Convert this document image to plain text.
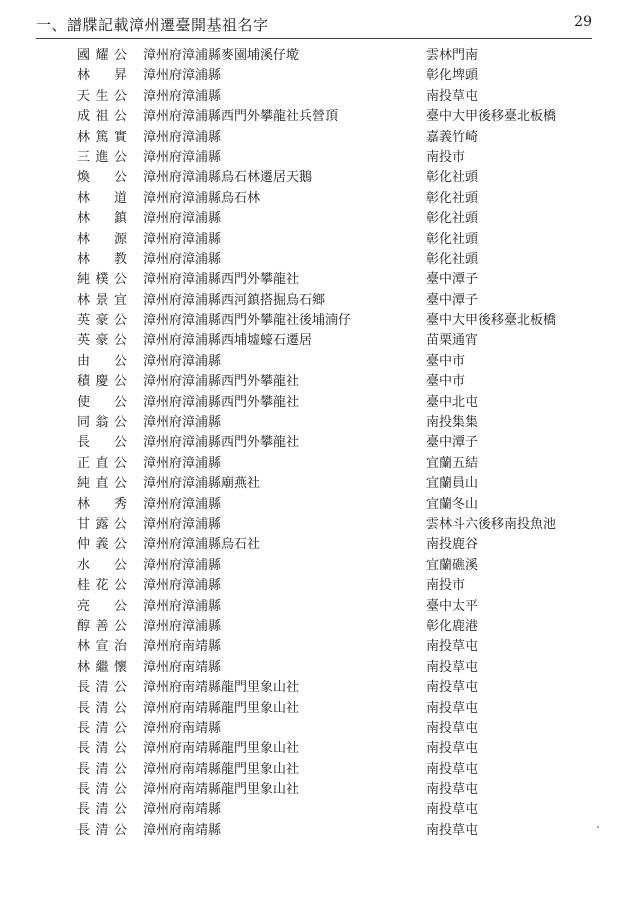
一、譜牒記載漳州遷臺開基祖名字	29
國耀公 漳州府漳浦縣麥園埔溪仔墘	雲林門南
林 昇 漳州府漳浦縣	彰化埤頭
天生公 漳州府漳浦縣	南投草屯
成祖公 漳州府漳浦縣西門外攀龍社兵營頂	臺中大甲後移臺北板橋
林篤實 漳州府漳浦縣	嘉義竹崎
三進公 漳州府漳浦縣	南投市
煥 公 漳州府漳浦縣烏石林遷居天鵝	彰化社頭
林 道 漳州府漳浦縣烏石林	彰化社頭
林 鎮 漳州府漳浦縣	彰化社頭
林 源 漳州府漳浦縣	彰化社頭
林 教 漳州府漳浦縣	彰化社頭
純樸公 漳州府漳浦縣西門外攀龍社	臺中潭子
林景宜 漳州府漳浦縣西河鎮搭掘烏石鄉	臺中潭子
英豪公 漳州府漳浦縣西門外攀龍社後埔湳仔	臺中大甲後移臺北板橋
英豪公 漳州府漳浦縣西埔墟蠔石遷居	苗栗通宵
由 公 漳州府漳浦縣	臺中市
積慶公 漳州府漳浦縣西門外攀龍社	臺中市
使 公 漳州府漳浦縣西門外攀龍社	臺中北屯
同翁公 漳州府漳浦縣	南投集集
長 公 漳州府漳浦縣西門外攀龍社	臺中潭子
正直公 漳州府漳浦縣	宜蘭五結
純直公 漳州府漳浦縣廟燕社	宜蘭員山
林 秀 漳州府漳浦縣	宜蘭冬山
甘露公 漳州府漳浦縣	雲林斗六後移南投魚池
仲義公 漳州府漳浦縣烏石社	南投鹿谷
水 公 漳州府漳浦縣	宜蘭礁溪
桂花公 漳州府漳浦縣	南投市
亮 公 漳州府漳浦縣	臺中太平
醇善公 漳州府漳浦縣	彰化鹿港
林宣治 漳州府南靖縣	南投草屯
林繼懷 漳州府南靖縣	南投草屯
長清公 漳州府南靖縣龍門里象山社	南投草屯
長清公 漳州府南靖縣龍門里象山社	南投草屯
長清公 漳州府南靖縣	南投草屯
長清公 漳州府南靖縣龍門里象山社	南投草屯
長清公 漳州府南靖縣龍門里象山社	南投草屯
長清公 漳州府南靖縣龍門里象山社	南投草屯
長清公 漳州府南靖縣	南投草屯
長清公 漳州府南靖縣	南投草屯
